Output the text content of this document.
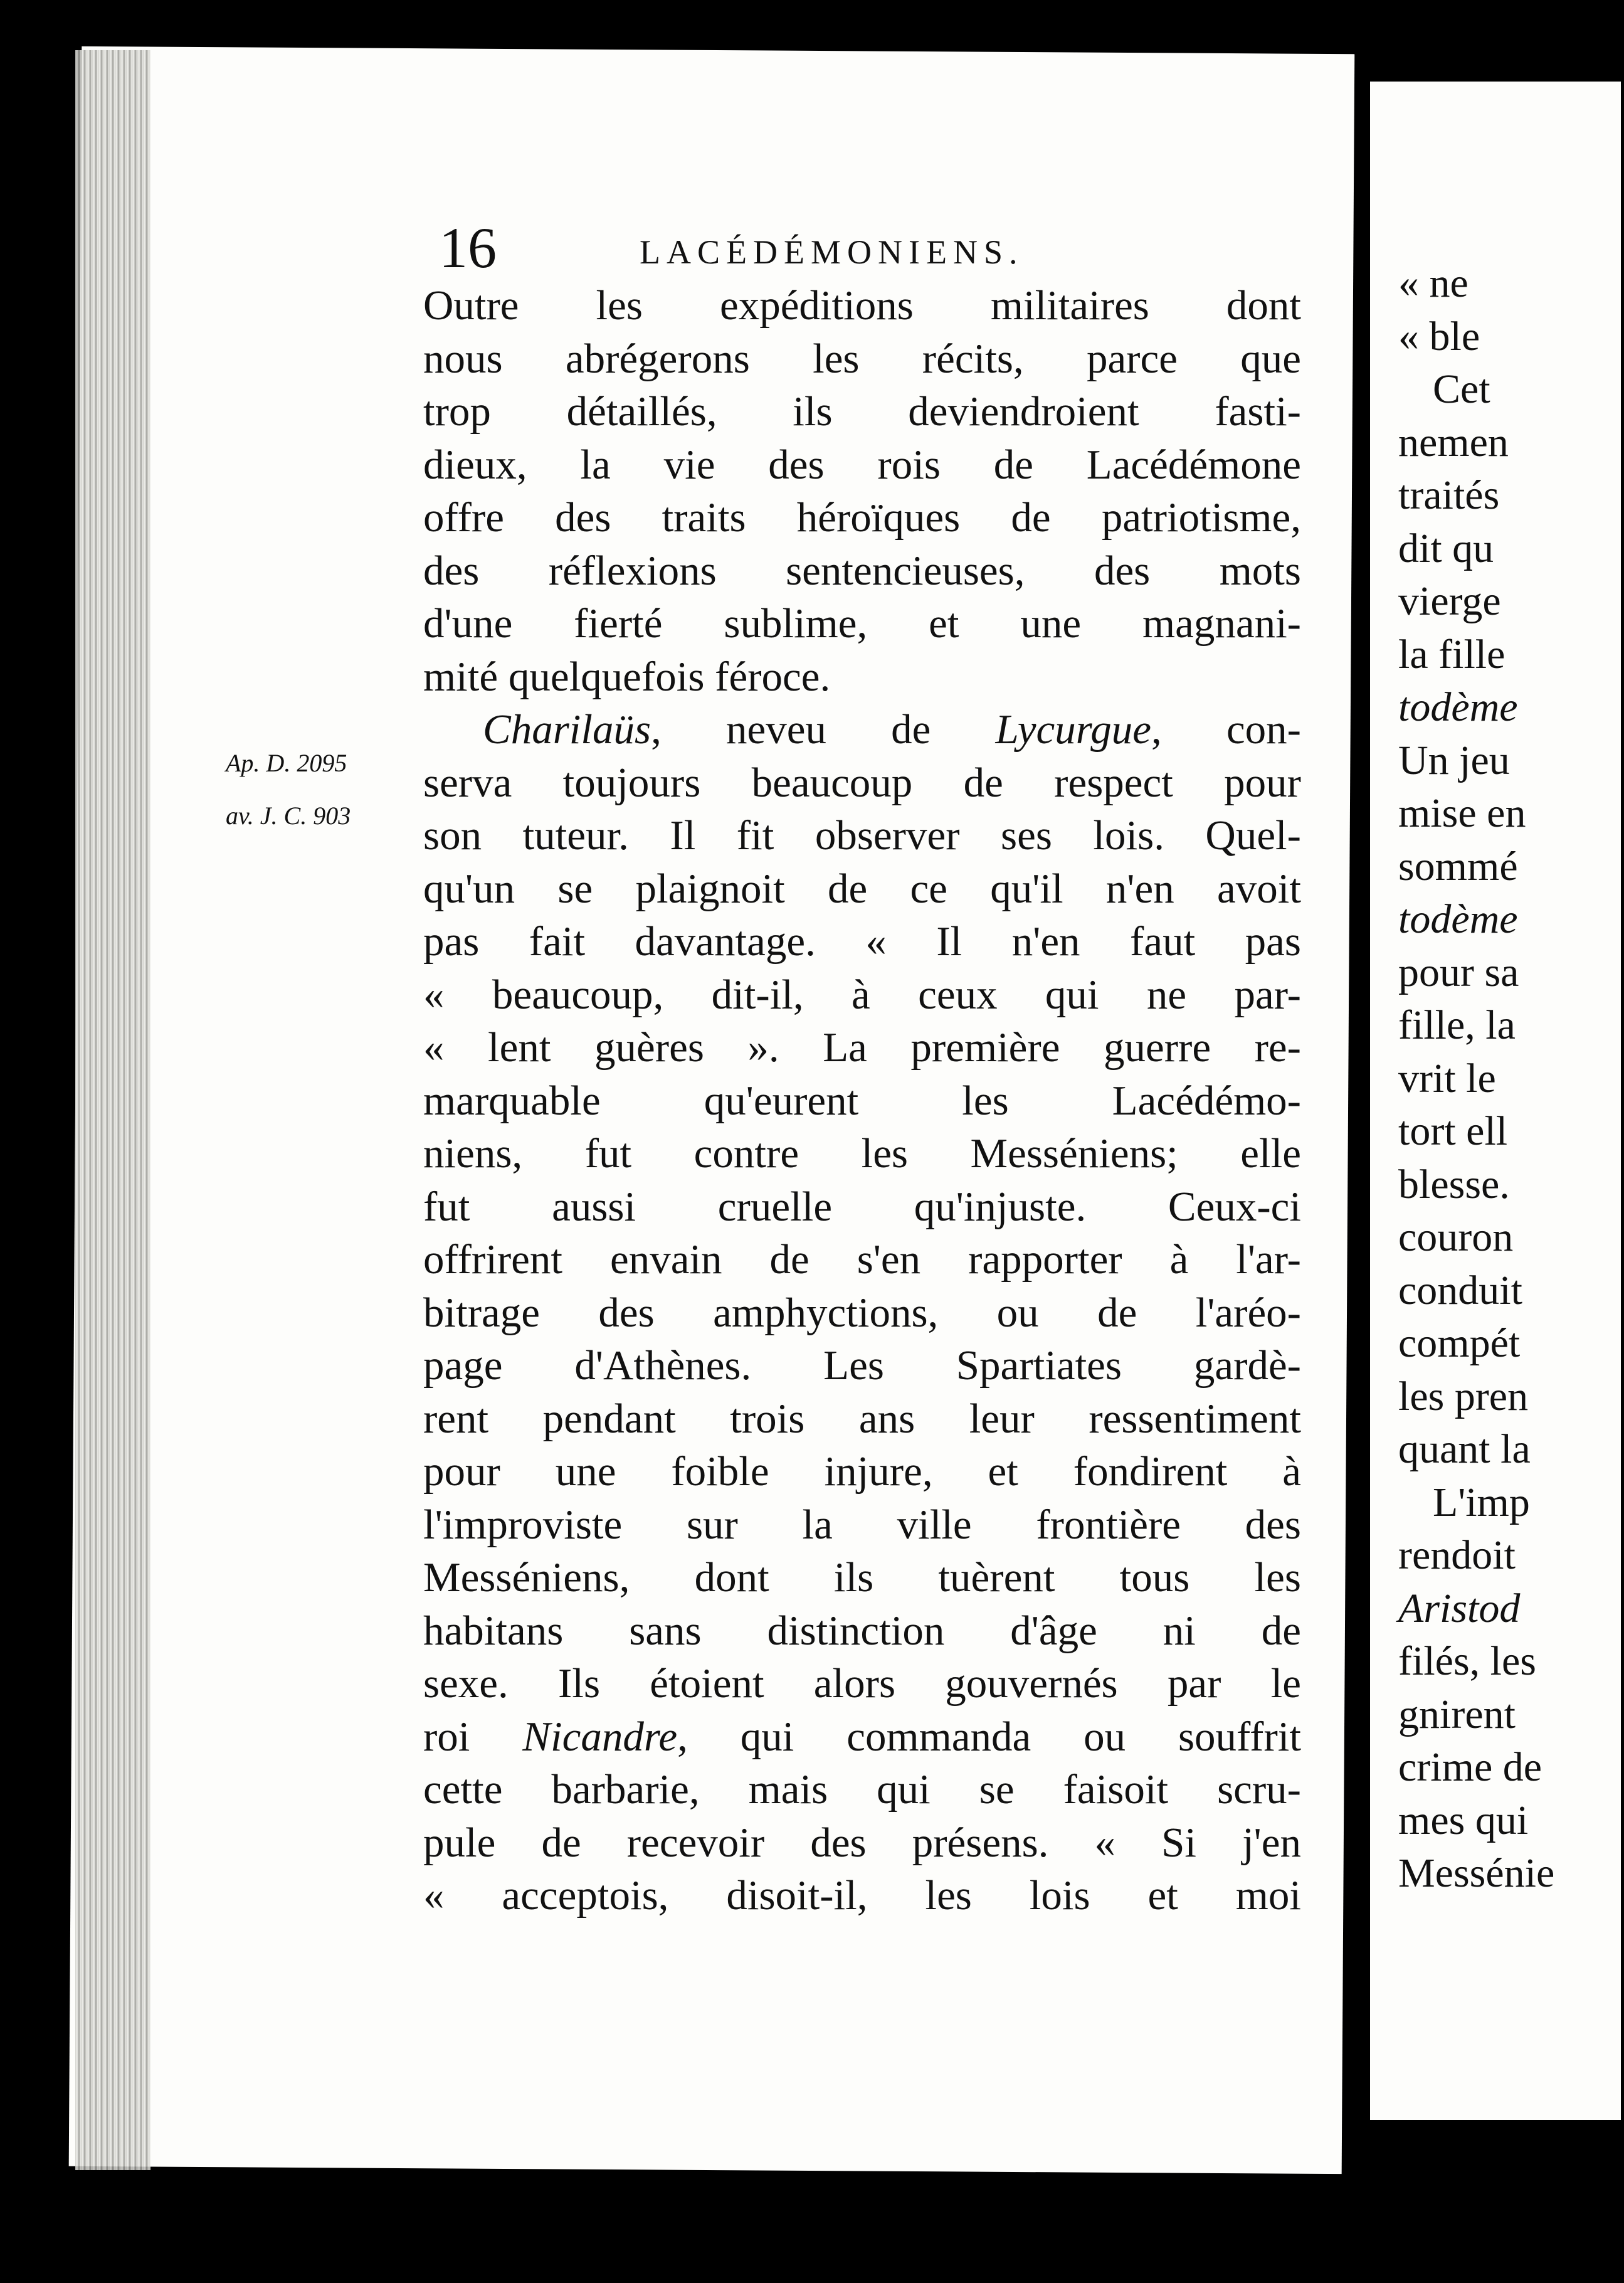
16	LACÉDÉMONIENS.
Ap. D. 2095
av. J. C. 903
Outre les expéditions militaires dont
nous abrégerons les récits, parce que
trop détaillés, ils deviendroient fasti-
dieux, la vie des rois de Lacédémone
offre des traits héroïques de patriotisme,
des réflexions sentencieuses, des mots
d'une fierté sublime, et une magnani-
mité quelquefois féroce.
Charilaüs, neveu de Lycurgue, con-
serva toujours beaucoup de respect pour
son tuteur. Il fit observer ses lois. Quel-
qu'un se plaignoit de ce qu'il n'en avoit
pas fait davantage. « Il n'en faut pas
« beaucoup, dit-il, à ceux qui ne par-
« lent guères ». La première guerre re-
marquable qu'eurent les Lacédémo-
niens, fut contre les Messéniens; elle
fut aussi cruelle qu'injuste. Ceux-ci
offrirent envain de s'en rapporter à l'ar-
bitrage des amphyctions, ou de l'aréo-
page d'Athènes. Les Spartiates gardè-
rent pendant trois ans leur ressentiment
pour une foible injure, et fondirent à
l'improviste sur la ville frontière des
Messéniens, dont ils tuèrent tous les
habitans sans distinction d'âge ni de
sexe. Ils étoient alors gouvernés par le
roi Nicandre, qui commanda ou souffrit
cette barbarie, mais qui se faisoit scru-
pule de recevoir des présens. « Si j'en
« acceptois, disoit-il, les lois et moi
« ne
« ble
Cet
nemen
traités
dit qu
vierge
la fille
todème
Un jeu
mise en
sommé
todème
pour sa
fille, la
vrit le
tort ell
blesse.
couron
conduit
compét
les pren
quant la
L'imp
rendoit
Aristod
filés, les
gnirent
crime de
mes qui
Messénie
